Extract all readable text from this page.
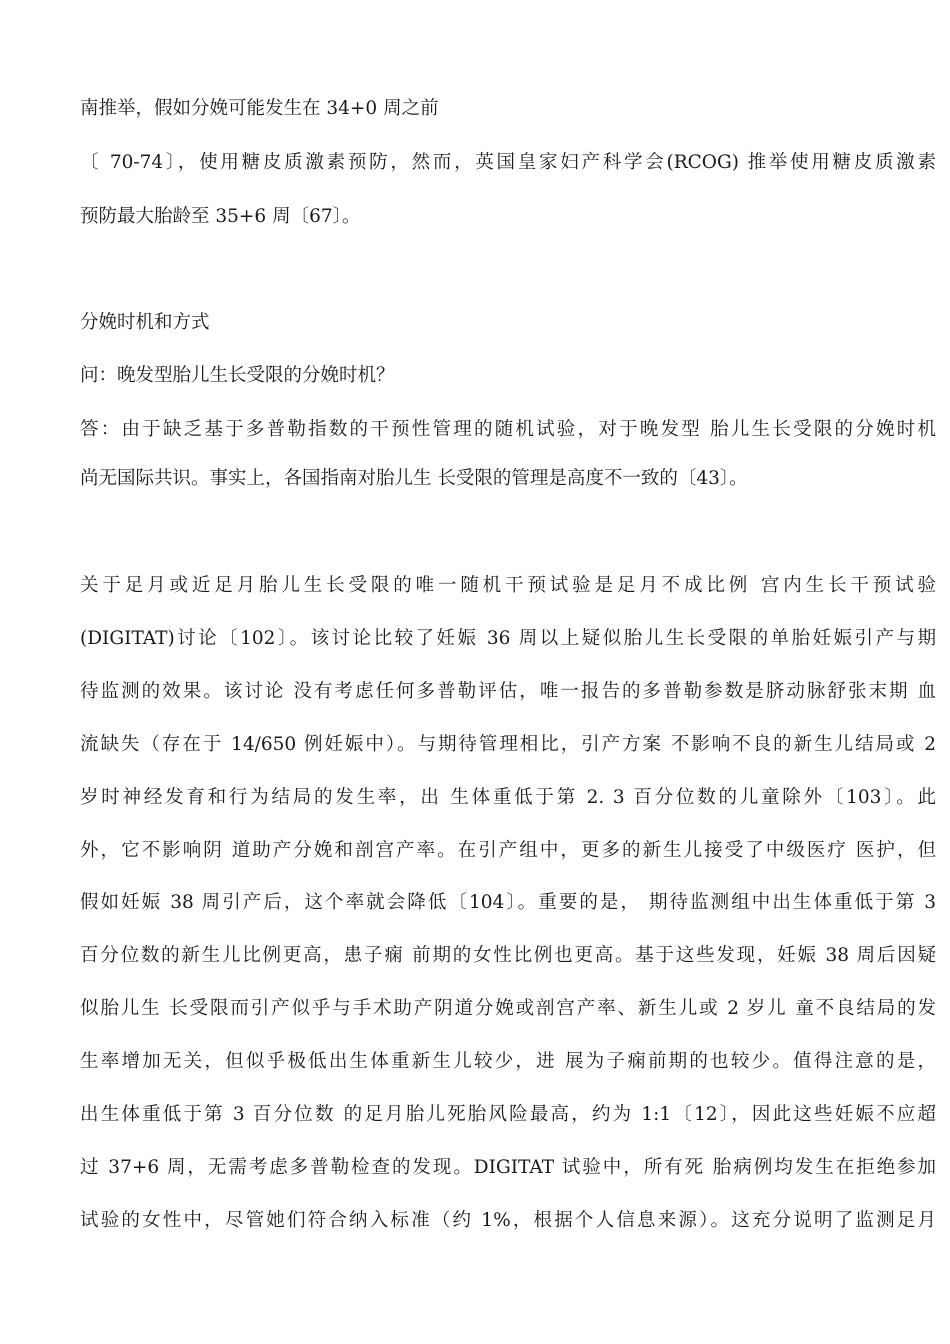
南推举，假如分娩可能发生在 34+0 周之前
〔 70-74〕，使用糖皮质激素预防，然而，英国皇家妇产科学会(RCOG) 推举使用糖皮质激素
预防最大胎龄至 35+6 周〔67〕。
分娩时机和方式
问：晚发型胎儿生长受限的分娩时机？
答：由于缺乏基于多普勒指数的干预性管理的随机试验，对于晚发型 胎儿生长受限的分娩时机
尚无国际共识。事实上，各国指南对胎儿生 长受限的管理是高度不一致的〔43〕。
关于足月或近足月胎儿生长受限的唯一随机干预试验是足月不成比例 宫内生长干预试验
(DIGITAT)讨论〔102〕。该讨论比较了妊娠 36 周以上疑似胎儿生长受限的单胎妊娠引产与期
待监测的效果。该讨论 没有考虑任何多普勒评估，唯一报告的多普勒参数是脐动脉舒张末期 血
流缺失（存在于 14/650 例妊娠中）。与期待管理相比，引产方案 不影响不良的新生儿结局或 2
岁时神经发育和行为结局的发生率，出 生体重低于第 2. 3 百分位数的儿童除外〔103〕。此
外，它不影响阴 道助产分娩和剖宫产率。在引产组中，更多的新生儿接受了中级医疗 医护，但
假如妊娠 38 周引产后，这个率就会降低〔104〕。重要的是， 期待监测组中出生体重低于第 3
百分位数的新生儿比例更高，患子痫 前期的女性比例也更高。基于这些发现，妊娠 38 周后因疑
似胎儿生 长受限而引产似乎与手术助产阴道分娩或剖宫产率、新生儿或 2 岁儿 童不良结局的发
生率增加无关，但似乎极低出生体重新生儿较少，进 展为子痫前期的也较少。值得注意的是，
出生体重低于第 3 百分位数 的足月胎儿死胎风险最高，约为 1:1〔12〕，因此这些妊娠不应超
过 37+6 周，无需考虑多普勒检查的发现。DIGITAT 试验中，所有死 胎病例均发生在拒绝参加
试验的女性中，尽管她们符合纳入标准（约 1%，根据个人信息来源）。这充分说明了监测足月
